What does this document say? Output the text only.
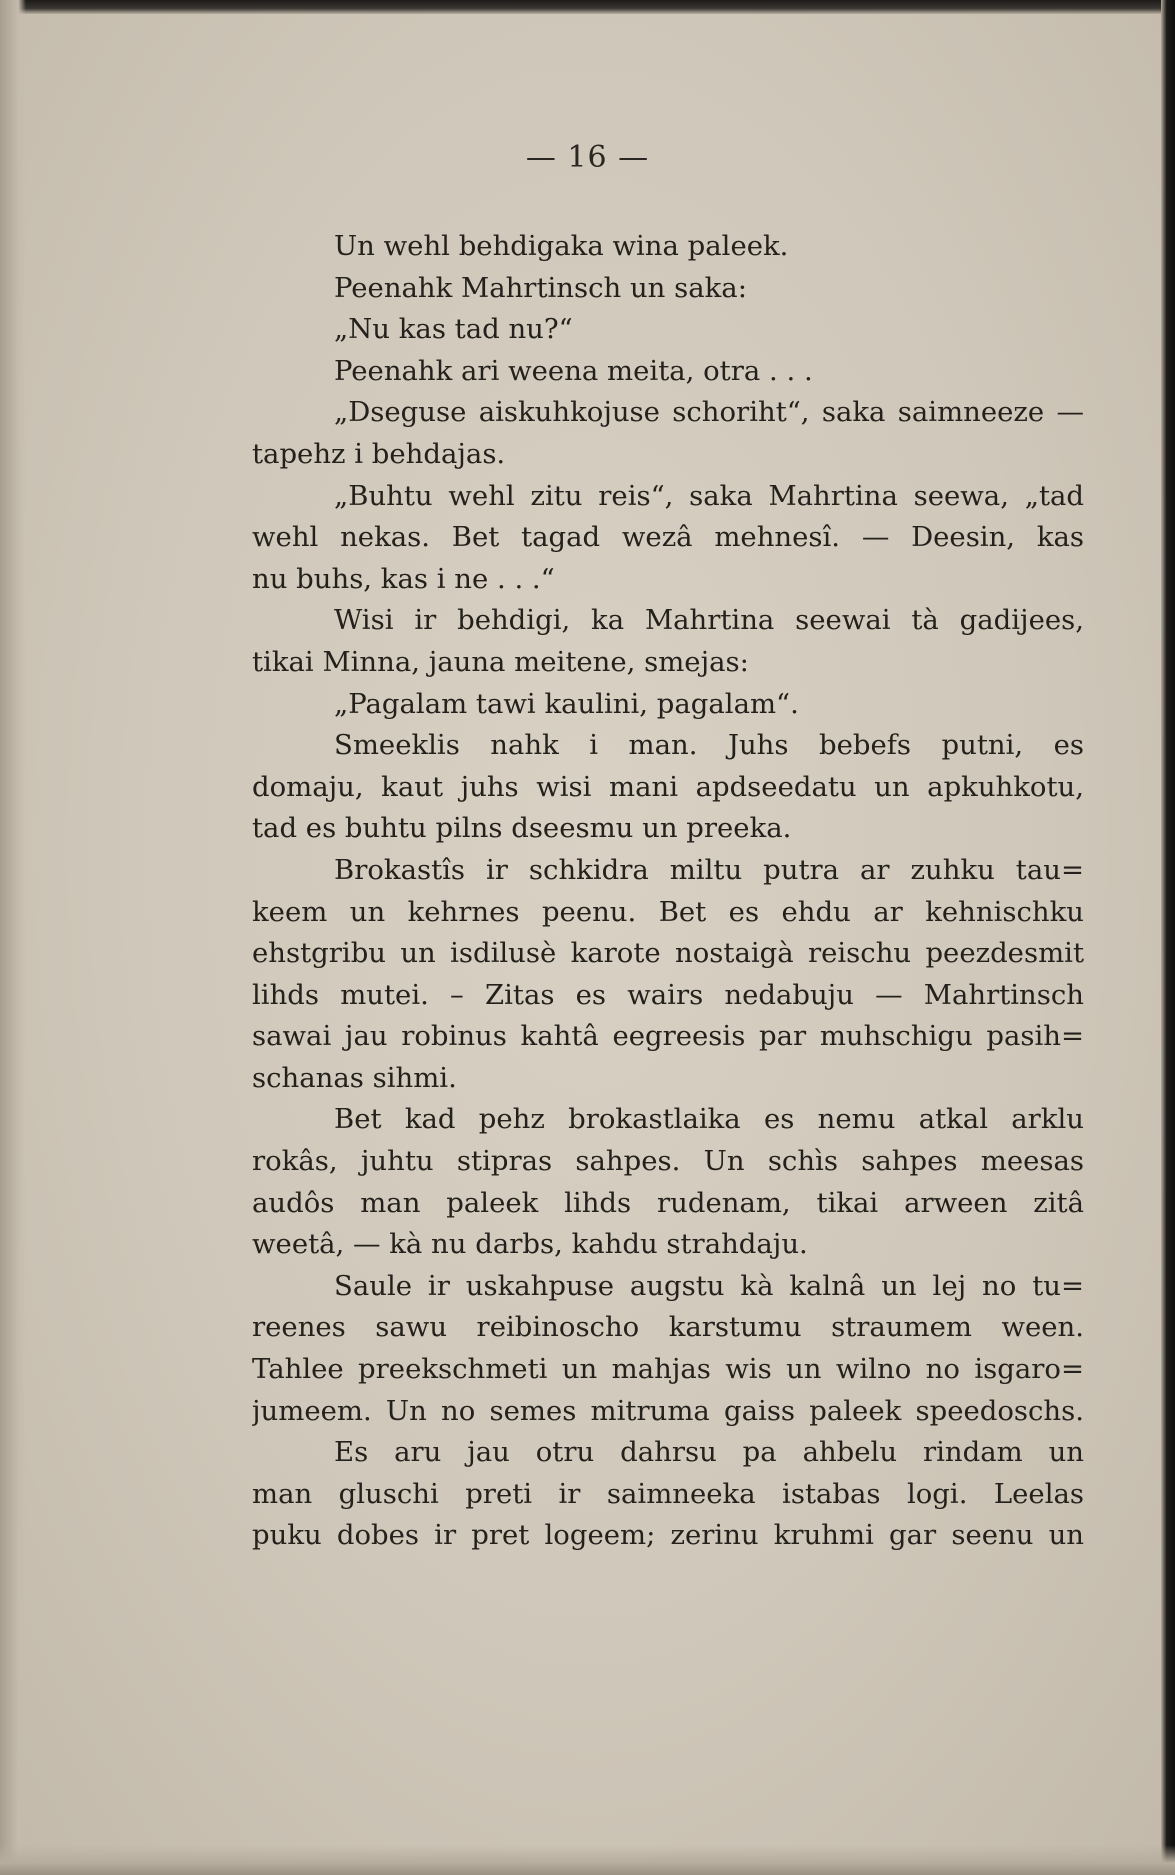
— 16 —
Un wehl behdigaka wina paleek.
Peenahk Mahrtinsch un saka:
„Nu kas tad nu?“
Peenahk ari weena meita, otra . . .
„Dseguse aiskuhkojuse schoriht“, saka saimneeze —
tapehz i behdajas.
„Buhtu wehl zitu reis“, saka Mahrtina seewa, „tad
wehl nekas. Bet tagad wezâ mehnesî. — Deesin, kas
nu buhs, kas i ne . . .“
Wisi ir behdigi, ka Mahrtina seewai tà gadijees,
tikai Minna, jauna meitene, smejas:
„Pagalam tawi kaulini, pagalam“.
Smeeklis nahk i man. Juhs bebefs putni, es
domaju, kaut juhs wisi mani apdseedatu un apkuhkotu,
tad es buhtu pilns dseesmu un preeka.
Brokastîs ir schkidra miltu putra ar zuhku tau=
keem un kehrnes peenu. Bet es ehdu ar kehnischku
ehstgribu un isdilusè karote nostaigà reischu peezdesmit
lihds mutei. – Zitas es wairs nedabuju — Mahrtinsch
sawai jau robinus kahtâ eegreesis par muhschigu pasih=
schanas sihmi.
Bet kad pehz brokastlaika es nemu atkal arklu
rokâs, juhtu stipras sahpes. Un schìs sahpes meesas
audôs man paleek lihds rudenam, tikai arween zitâ
weetâ, — kà nu darbs, kahdu strahdaju.
Saule ir uskahpuse augstu kà kalnâ un lej no tu=
reenes sawu reibinoscho karstumu straumem ween.
Tahlee preekschmeti un mahjas wis un wilno no isgaro=
jumeem. Un no semes mitruma gaiss paleek speedoschs.
Es aru jau otru dahrsu pa ahbelu rindam un
man gluschi preti ir saimneeka istabas logi. Leelas
puku dobes ir pret logeem; zerinu kruhmi gar seenu un
